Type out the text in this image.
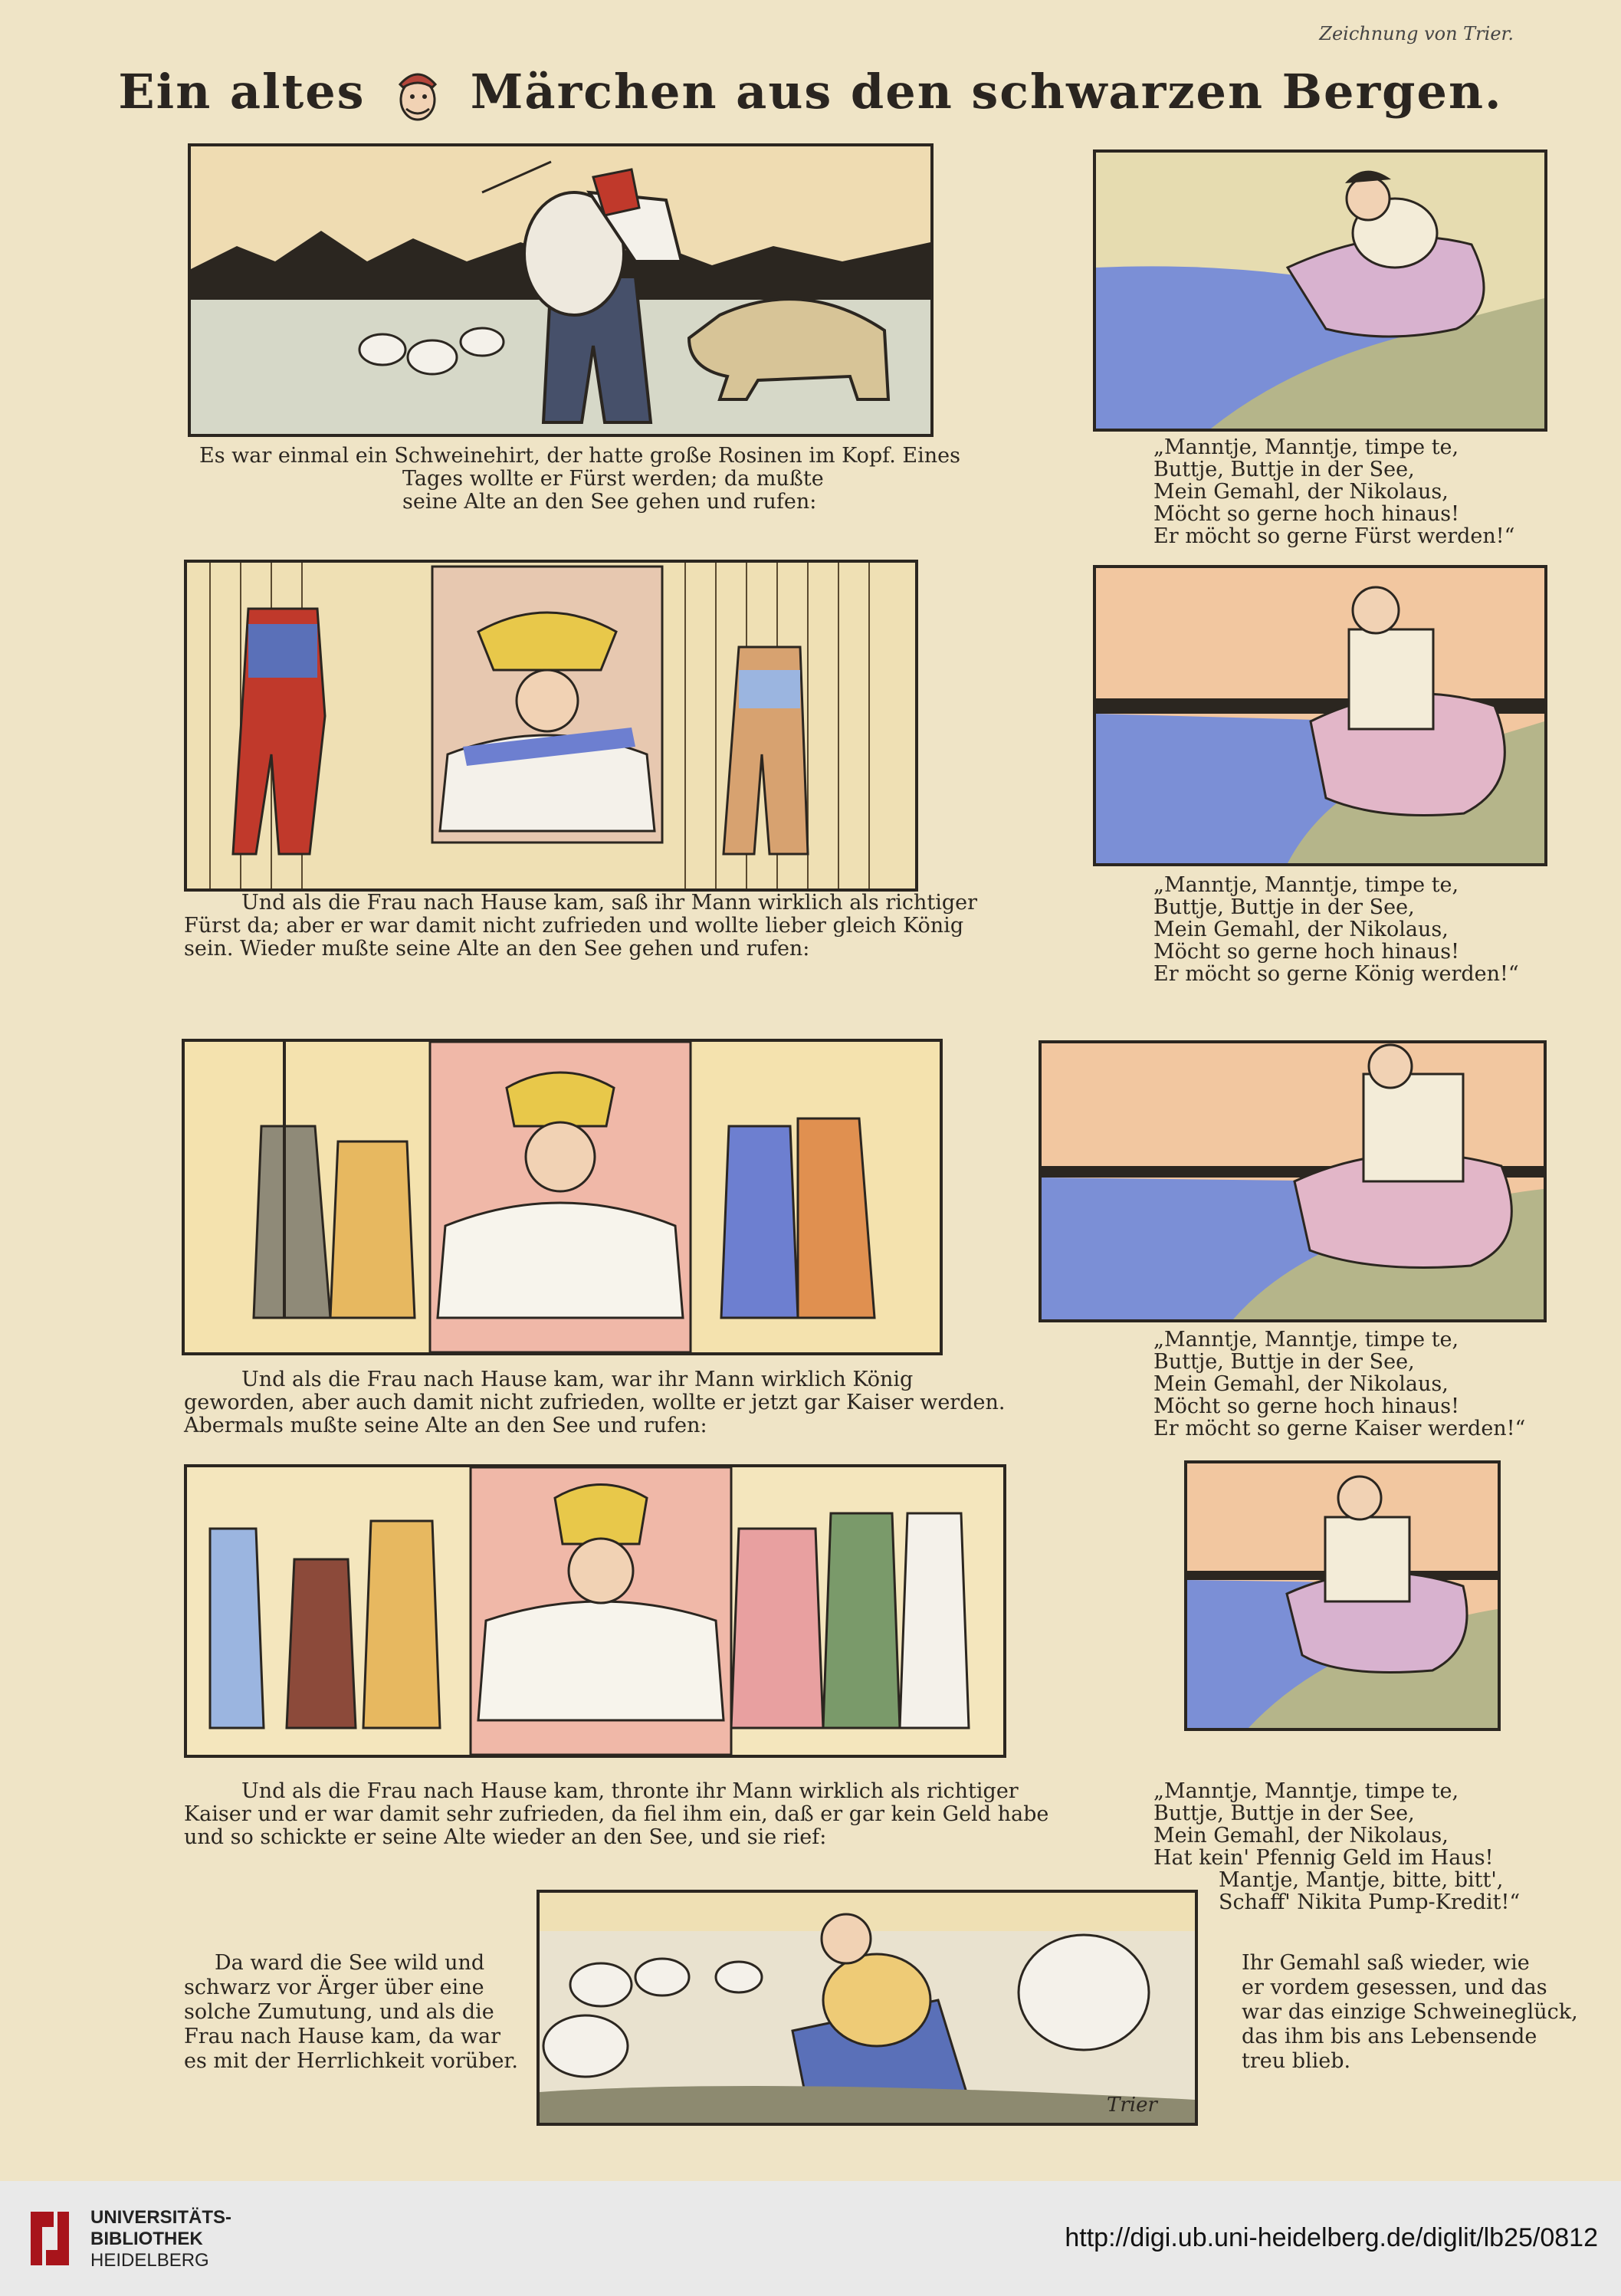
Zeichnung von Trier.
Ein altes Märchen aus den schwarzen Bergen.
Es war einmal ein Schweinehirt, der hatte große Rosinen im Kopf. Eines
Tages wollte er Fürst werden; da mußte
seine Alte an den See gehen und rufen:
„Manntje, Manntje, timpe te,
Buttje, Buttje in der See,
Mein Gemahl, der Nikolaus,
Möcht so gerne hoch hinaus!
Er möcht so gerne Fürst werden!“
Und als die Frau nach Hause kam, saß ihr Mann wirklich als richtiger
Fürst da; aber er war damit nicht zufrieden und wollte lieber gleich König
sein. Wieder mußte seine Alte an den See gehen und rufen:
„Manntje, Manntje, timpe te,
Buttje, Buttje in der See,
Mein Gemahl, der Nikolaus,
Möcht so gerne hoch hinaus!
Er möcht so gerne König werden!“
Und als die Frau nach Hause kam, war ihr Mann wirklich König
geworden, aber auch damit nicht zufrieden, wollte er jetzt gar Kaiser werden.
Abermals mußte seine Alte an den See und rufen:
„Manntje, Manntje, timpe te,
Buttje, Buttje in der See,
Mein Gemahl, der Nikolaus,
Möcht so gerne hoch hinaus!
Er möcht so gerne Kaiser werden!“
Und als die Frau nach Hause kam, thronte ihr Mann wirklich als richtiger
Kaiser und er war damit sehr zufrieden, da fiel ihm ein, daß er gar kein Geld habe
und so schickte er seine Alte wieder an den See, und sie rief:
„Manntje, Manntje, timpe te,
Buttje, Buttje in der See,
Mein Gemahl, der Nikolaus,
Hat kein' Pfennig Geld im Haus!
Mantje, Mantje, bitte, bitt',
Schaff' Nikita Pump-Kredit!“
Trier
Da ward die See wild und
schwarz vor Ärger über eine
solche Zumutung, und als die
Frau nach Hause kam, da war
es mit der Herrlichkeit vorüber.
Ihr Gemahl saß wieder, wie
er vordem gesessen, und das
war das einzige Schweineglück,
das ihm bis ans Lebensende
treu blieb.
UNIVERSITÄTS-
BIBLIOTHEK
HEIDELBERG
http://digi.ub.uni-heidelberg.de/diglit/lb25/0812
